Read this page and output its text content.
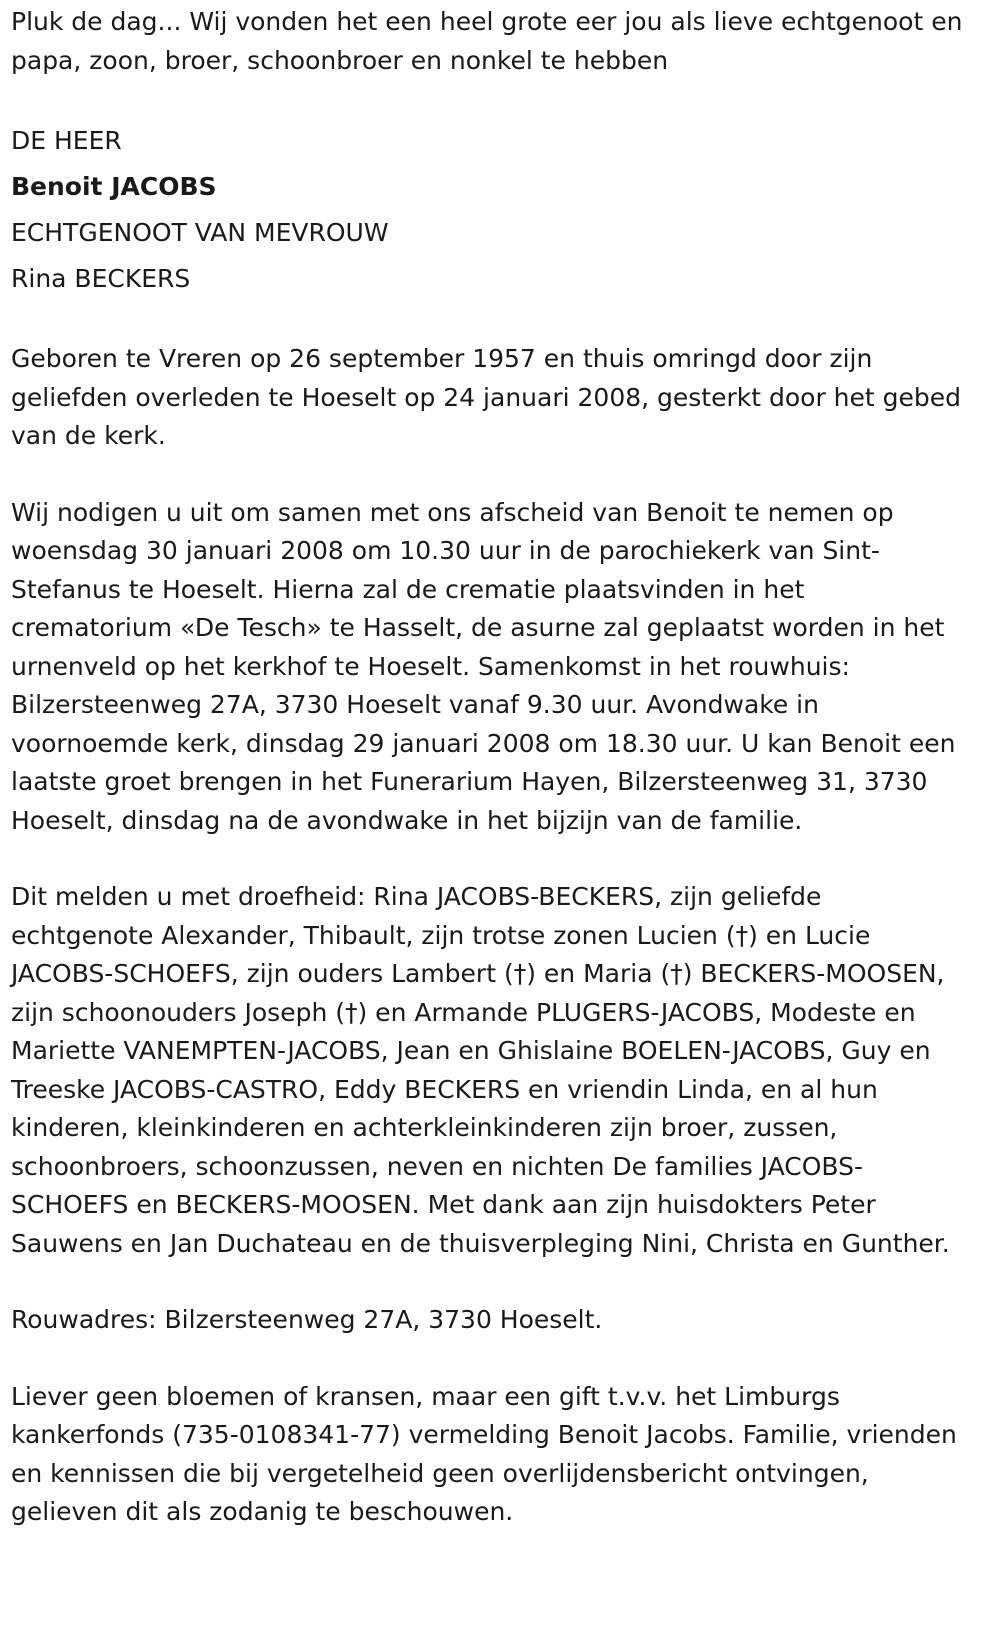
Pluk de dag... Wij vonden het een heel grote eer jou als lieve echtgenoot en papa, zoon, broer, schoonbroer en nonkel te hebben

DE HEER

Benoit JACOBS

ECHTGENOOT VAN MEVROUW

Rina BECKERS

Geboren te Vreren op 26 september 1957 en thuis omringd door zijn geliefden overleden te Hoeselt op 24 januari 2008, gesterkt door het gebed van de kerk.

Wij nodigen u uit om samen met ons afscheid van Benoit te nemen op woensdag 30 januari 2008 om 10.30 uur in de parochiekerk van Sint-Stefanus te Hoeselt. Hierna zal de crematie plaatsvinden in het crematorium «De Tesch» te Hasselt, de asurne zal geplaatst worden in het urnenveld op het kerkhof te Hoeselt. Samenkomst in het rouwhuis: Bilzersteenweg 27A, 3730 Hoeselt vanaf 9.30 uur. Avondwake in voornoemde kerk, dinsdag 29 januari 2008 om 18.30 uur. U kan Benoit een laatste groet brengen in het Funerarium Hayen, Bilzersteenweg 31, 3730 Hoeselt, dinsdag na de avondwake in het bijzijn van de familie.

Dit melden u met droefheid: Rina JACOBS-BECKERS, zijn geliefde echtgenote Alexander, Thibault, zijn trotse zonen Lucien (†) en Lucie JACOBS-SCHOEFS, zijn ouders Lambert (†) en Maria (†) BECKERS-MOOSEN, zijn schoonouders Joseph (†) en Armande PLUGERS-JACOBS, Modeste en Mariette VANEMPTEN-JACOBS, Jean en Ghislaine BOELEN-JACOBS, Guy en Treeske JACOBS-CASTRO, Eddy BECKERS en vriendin Linda, en al hun kinderen, kleinkinderen en achterkleinkinderen zijn broer, zussen, schoonbroers, schoonzussen, neven en nichten De families JACOBS-SCHOEFS en BECKERS-MOOSEN. Met dank aan zijn huisdokters Peter Sauwens en Jan Duchateau en de thuisverpleging Nini, Christa en Gunther.

Rouwadres: Bilzersteenweg 27A, 3730 Hoeselt.

Liever geen bloemen of kransen, maar een gift t.v.v. het Limburgs kankerfonds (735-0108341-77) vermelding Benoit Jacobs. Familie, vrienden en kennissen die bij vergetelheid geen overlijdensbericht ontvingen, gelieven dit als zodanig te beschouwen.
